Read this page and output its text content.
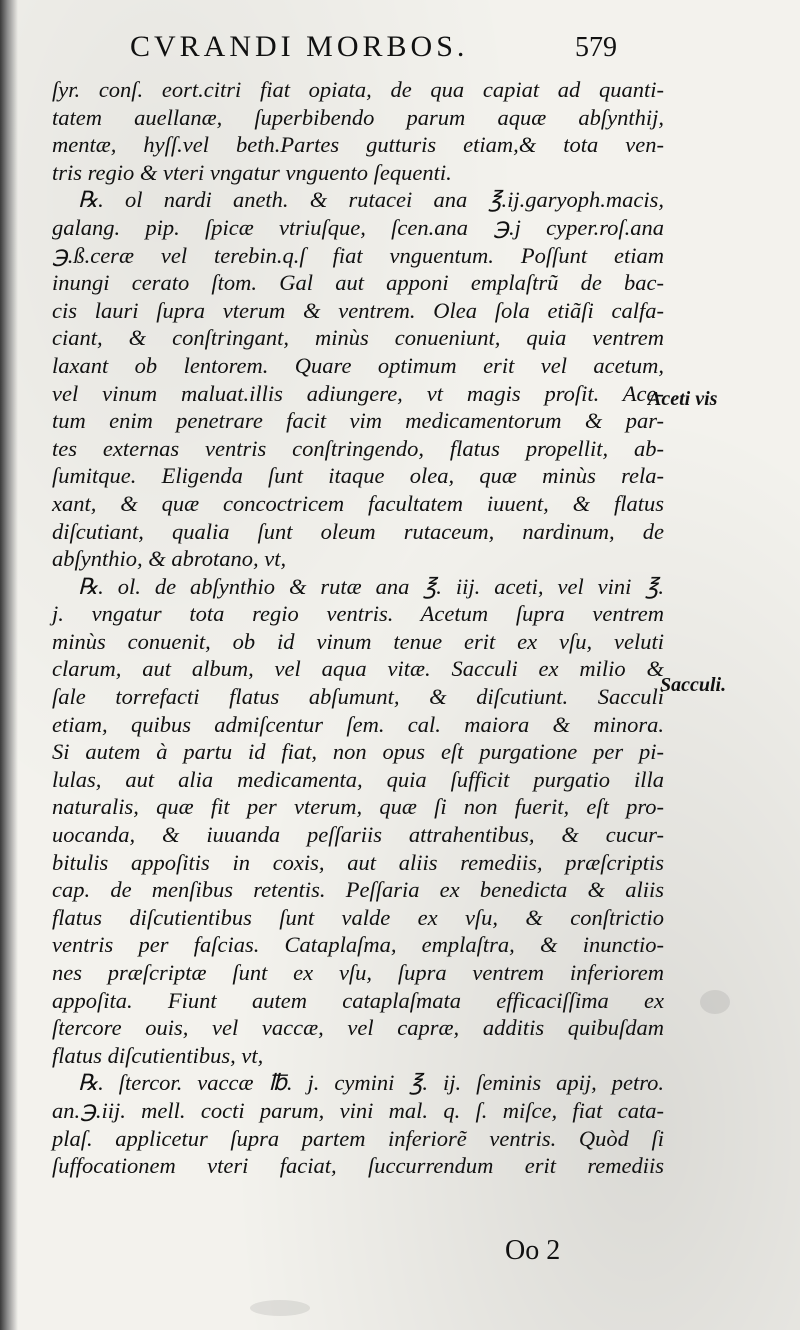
CVRANDI MORBOS.	579
ſyr. conſ. eort.citri fiat opiata, de qua capiat ad quanti-
tatem auellanæ, ſuperbibendo parum aquæ abſynthij,
mentæ, hyſſ.vel beth.Partes gutturis etiam,& tota ven-
tris regio & vteri vngatur vnguento ſequenti.
℞. ol nardi aneth. & rutacei ana ℥.ij.garyoph.macis,
galang. pip. ſpicæ vtriuſque, ſcen.ana ℈.j cyper.roſ.ana
℈.ß.ceræ vel terebin.q.ſ fiat vnguentum. Poſſunt etiam
inungi cerato ſtom. Gal aut apponi emplaſtrũ de bac-
cis lauri ſupra vterum & ventrem. Olea ſola etiãſi calfa-
ciant, & conſtringant, minùs conueniunt, quia ventrem
laxant ob lentorem. Quare optimum erit vel acetum,
vel vinum maluat.illis adiungere, vt magis proſit. Ace-
tum enim penetrare facit vim medicamentorum & par-
tes externas ventris conſtringendo, flatus propellit, ab-
ſumitque. Eligenda ſunt itaque olea, quæ minùs rela-
xant, & quæ concoctricem facultatem iuuent, & flatus
diſcutiant, qualia ſunt oleum rutaceum, nardinum, de
abſynthio, & abrotano, vt,
℞. ol. de abſynthio & rutæ ana ℥. iij. aceti, vel vini ℥.
j. vngatur tota regio ventris. Acetum ſupra ventrem
minùs conuenit, ob id vinum tenue erit ex vſu, veluti
clarum, aut album, vel aqua vitæ. Sacculi ex milio &
ſale torrefacti flatus abſumunt, & diſcutiunt. Sacculi
etiam, quibus admiſcentur ſem. cal. maiora & minora.
Si autem à partu id fiat, non opus eſt purgatione per pi-
lulas, aut alia medicamenta, quia ſufficit purgatio illa
naturalis, quæ fit per vterum, quæ ſi non fuerit, eſt pro-
uocanda, & iuuanda peſſariis attrahentibus, & cucur-
bitulis appoſitis in coxis, aut aliis remediis, præſcriptis
cap. de menſibus retentis. Peſſaria ex benedicta & aliis
flatus diſcutientibus ſunt valde ex vſu, & conſtrictio
ventris per faſcias. Cataplaſma, emplaſtra, & inunctio-
nes præſcriptæ ſunt ex vſu, ſupra ventrem inferiorem
appoſita. Fiunt autem cataplaſmata efficaciſſima ex
ſtercore ouis, vel vaccæ, vel capræ, additis quibuſdam
flatus diſcutientibus, vt,
℞. ſtercor. vaccæ ℔. j. cymini ℥. ij. ſeminis apij, petro.
an.℈.iij. mell. cocti parum, vini mal. q. ſ. miſce, fiat cata-
plaſ. applicetur ſupra partem inferiorẽ ventris. Quòd ſi
ſuffocationem vteri faciat, ſuccurrendum erit remediis
Aceti vis
Sacculi.
Oo 2
